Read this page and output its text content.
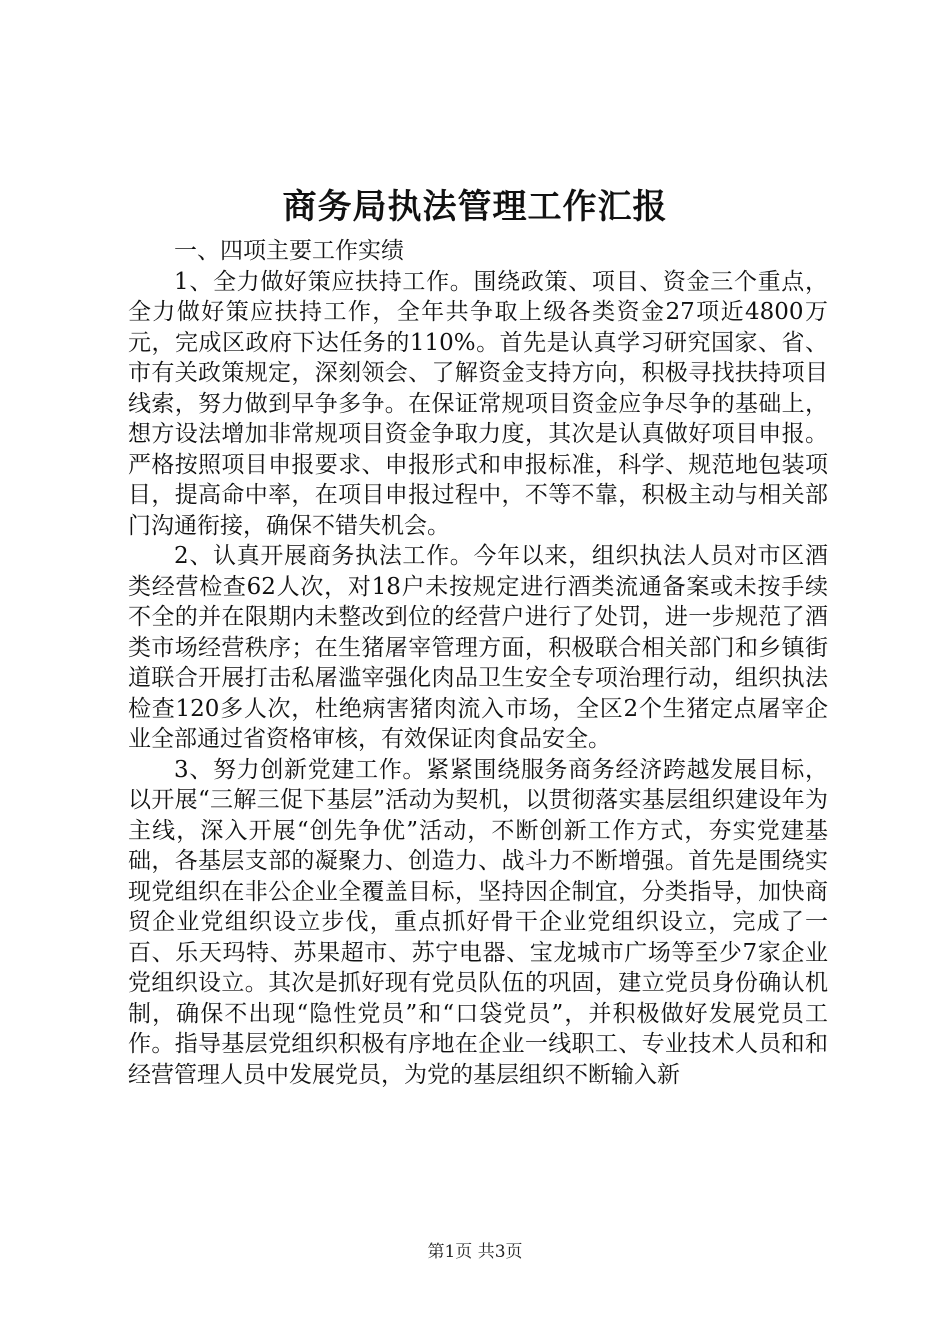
商务局执法管理工作汇报

一、四项主要工作实绩

1、全力做好策应扶持工作。围绕政策、项目、资金三个重点，全力做好策应扶持工作，全年共争取上级各类资金27项近4800万元，完成区政府下达任务的110%。首先是认真学习研究国家、省、市有关政策规定，深刻领会、了解资金支持方向，积极寻找扶持项目线索，努力做到早争多争。在保证常规项目资金应争尽争的基础上，想方设法增加非常规项目资金争取力度，其次是认真做好项目申报。严格按照项目申报要求、申报形式和申报标准，科学、规范地包装项目，提高命中率，在项目申报过程中，不等不靠，积极主动与相关部门沟通衔接，确保不错失机会。

2、认真开展商务执法工作。今年以来，组织执法人员对市区酒类经营检查62人次，对18户未按规定进行酒类流通备案或未按手续不全的并在限期内未整改到位的经营户进行了处罚，进一步规范了酒类市场经营秩序；在生猪屠宰管理方面，积极联合相关部门和乡镇街道联合开展打击私屠滥宰强化肉品卫生安全专项治理行动，组织执法检查120多人次，杜绝病害猪肉流入市场，全区2个生猪定点屠宰企业全部通过省资格审核，有效保证肉食品安全。

3、努力创新党建工作。紧紧围绕服务商务经济跨越发展目标，以开展“三解三促下基层”活动为契机，以贯彻落实基层组织建设年为主线，深入开展“创先争优”活动，不断创新工作方式，夯实党建基础，各基层支部的凝聚力、创造力、战斗力不断增强。首先是围绕实现党组织在非公企业全覆盖目标，坚持因企制宜，分类指导，加快商贸企业党组织设立步伐，重点抓好骨干企业党组织设立，完成了一百、乐天玛特、苏果超市、苏宁电器、宝龙城市广场等至少7家企业党组织设立。其次是抓好现有党员队伍的巩固，建立党员身份确认机制，确保不出现“隐性党员”和“口袋党员”，并积极做好发展党员工作。指导基层党组织积极有序地在企业一线职工、专业技术人员和和经营管理人员中发展党员，为党的基层组织不断输入新

第1页 共3页
